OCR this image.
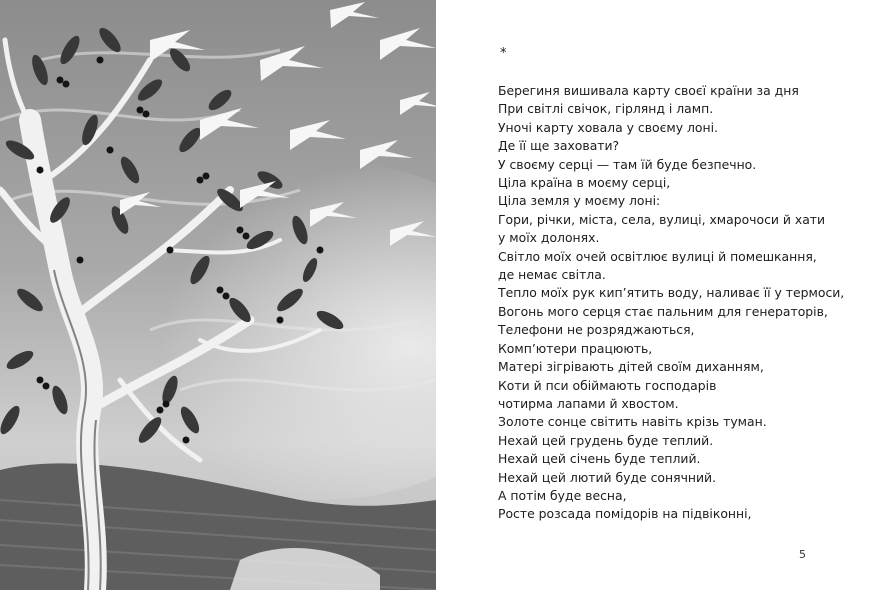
*
Берегиня вишивала карту своєї країни за дня
При світлі свічок, гірлянд і ламп.
Уночі карту ховала у своєму лоні.
Де її ще заховати?
У своєму серці — там їй буде безпечно.
Ціла країна в моєму серці,
Ціла земля у моєму лоні:
Гори, річки, міста, села, вулиці, хмарочоси й хати
у моїх долонях.
Світло моїх очей освітлює вулиці й помешкання,
де немає світла.
Тепло моїх рук кип’ятить воду, наливає її у термоси,
Вогонь мого серця стає пальним для генераторів,
Телефони не розряджаються,
Комп’ютери працюють,
Матері зігрівають дітей своїм диханням,
Коти й пси обіймають господарів
чотирма лапами й хвостом.
Золоте сонце світить навіть крізь туман.
Нехай цей грудень буде теплий.
Нехай цей січень буде теплий.
Нехай цей лютий буде сонячний.
А потім буде весна,
Росте розсада помідорів на підвіконні,
5
